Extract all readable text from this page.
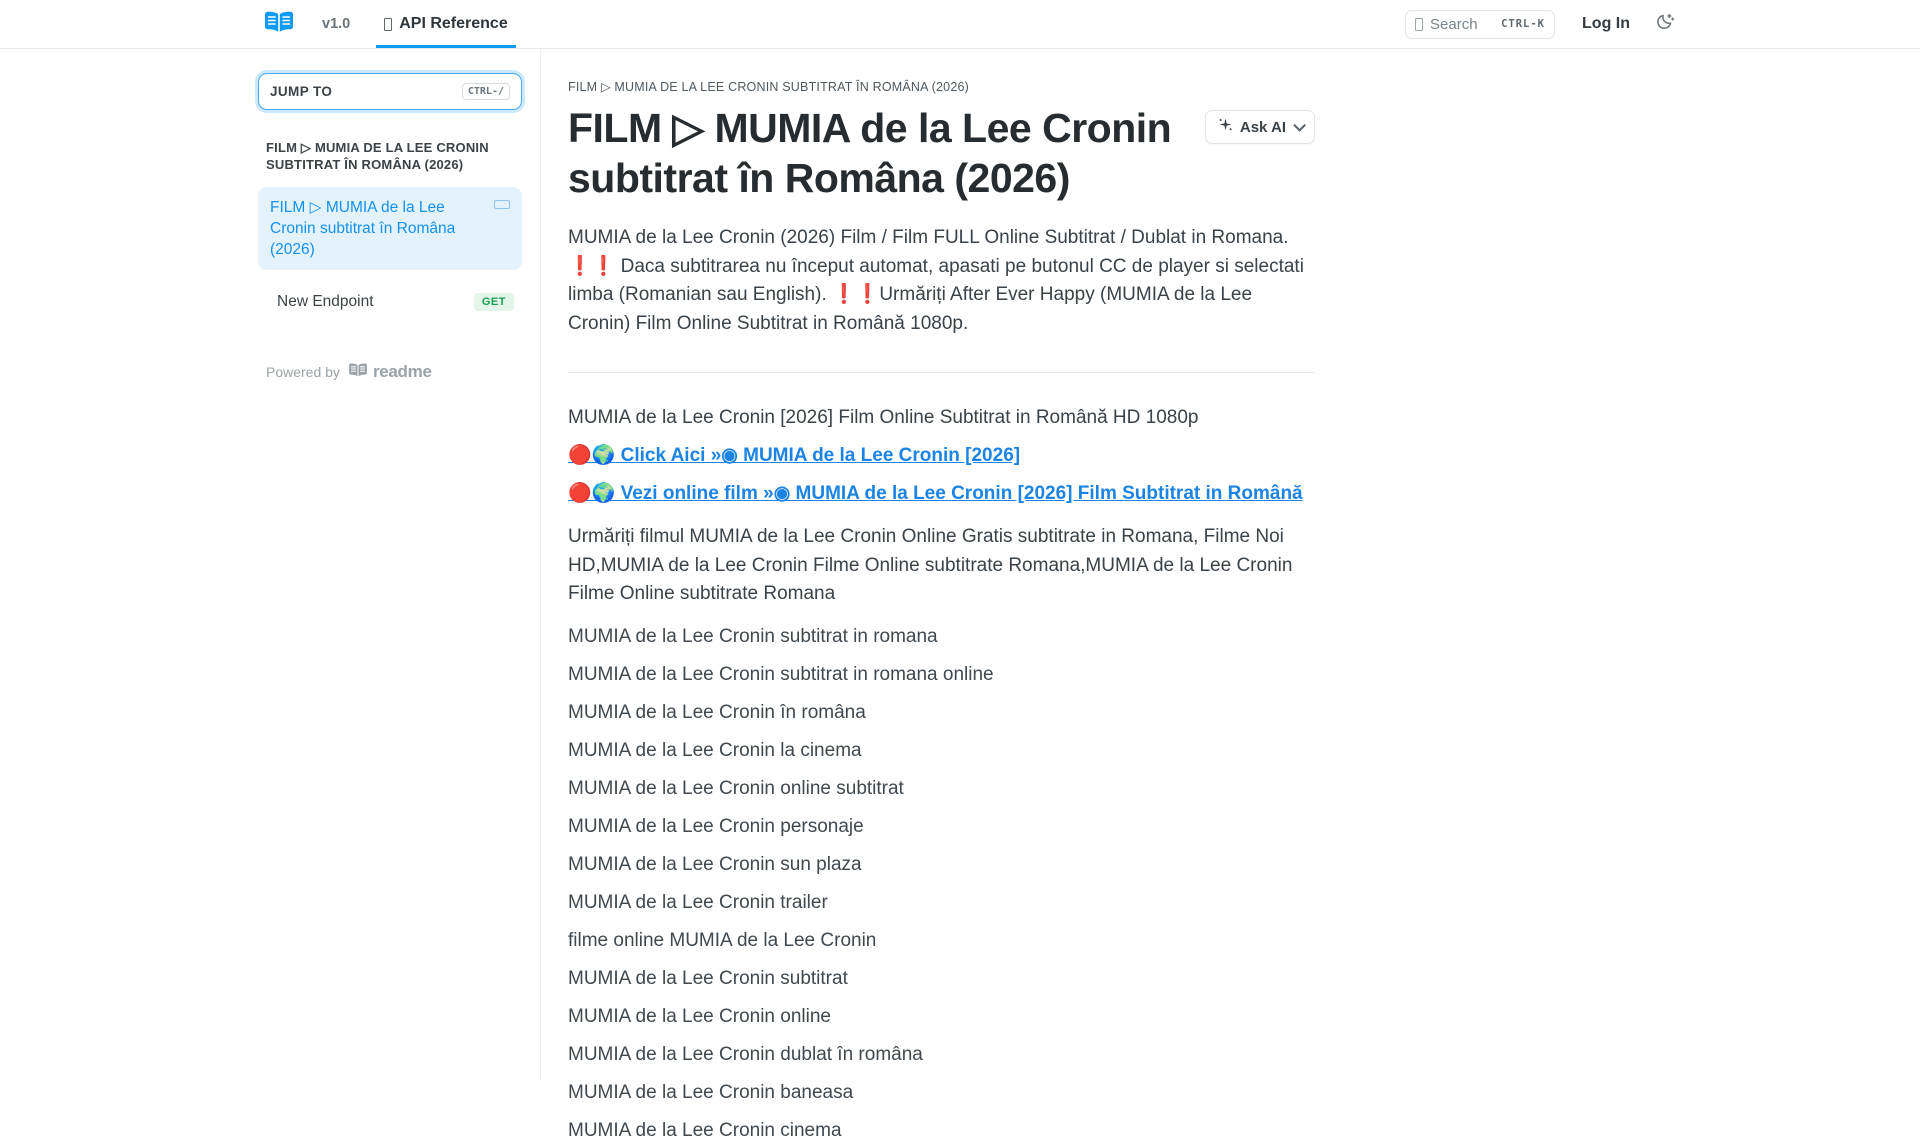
v1.0	API Reference	Search	CTRL-K Log In
JUMP TO	CTRL-/
FILM ▷ MUMIA DE LA LEE CRONIN SUBTITRAT ÎN ROMÂNA (2026)
FILM ▷ MUMIA de la Lee Cronin subtitrat în Româna (2026)
New Endpoint	GET
Powered by readme
FILM ▷ MUMIA DE LA LEE CRONIN SUBTITRAT ÎN ROMÂNA (2026)
FILM ▷ MUMIA de la Lee Cronin subtitrat în Româna (2026)
Ask AI

MUMIA de la Lee Cronin (2026) Film / Film FULL Online Subtitrat / Dublat in Romana. ❗❗ Daca subtitrarea nu început automat, apasati pe butonul CC de player si selectati limba (Romanian sau English). ❗❗Urmăriți After Ever Happy (MUMIA de la Lee Cronin) Film Online Subtitrat in Română 1080p.

MUMIA de la Lee Cronin [2026] Film Online Subtitrat in Română HD 1080p

🔴🌍 Click Aici »◉ MUMIA de la Lee Cronin [2026]
🔴🌍 Vezi online film »◉ MUMIA de la Lee Cronin [2026] Film Subtitrat in Română

Urmăriți filmul MUMIA de la Lee Cronin Online Gratis subtitrate in Romana, Filme Noi HD,MUMIA de la Lee Cronin Filme Online subtitrate Romana,MUMIA de la Lee Cronin Filme Online subtitrate Romana

MUMIA de la Lee Cronin subtitrat in romana

MUMIA de la Lee Cronin subtitrat in romana online

MUMIA de la Lee Cronin în româna

MUMIA de la Lee Cronin la cinema

MUMIA de la Lee Cronin online subtitrat

MUMIA de la Lee Cronin personaje

MUMIA de la Lee Cronin sun plaza

MUMIA de la Lee Cronin trailer

filme online MUMIA de la Lee Cronin

MUMIA de la Lee Cronin subtitrat

MUMIA de la Lee Cronin online

MUMIA de la Lee Cronin dublat în româna

MUMIA de la Lee Cronin baneasa

MUMIA de la Lee Cronin cinema
